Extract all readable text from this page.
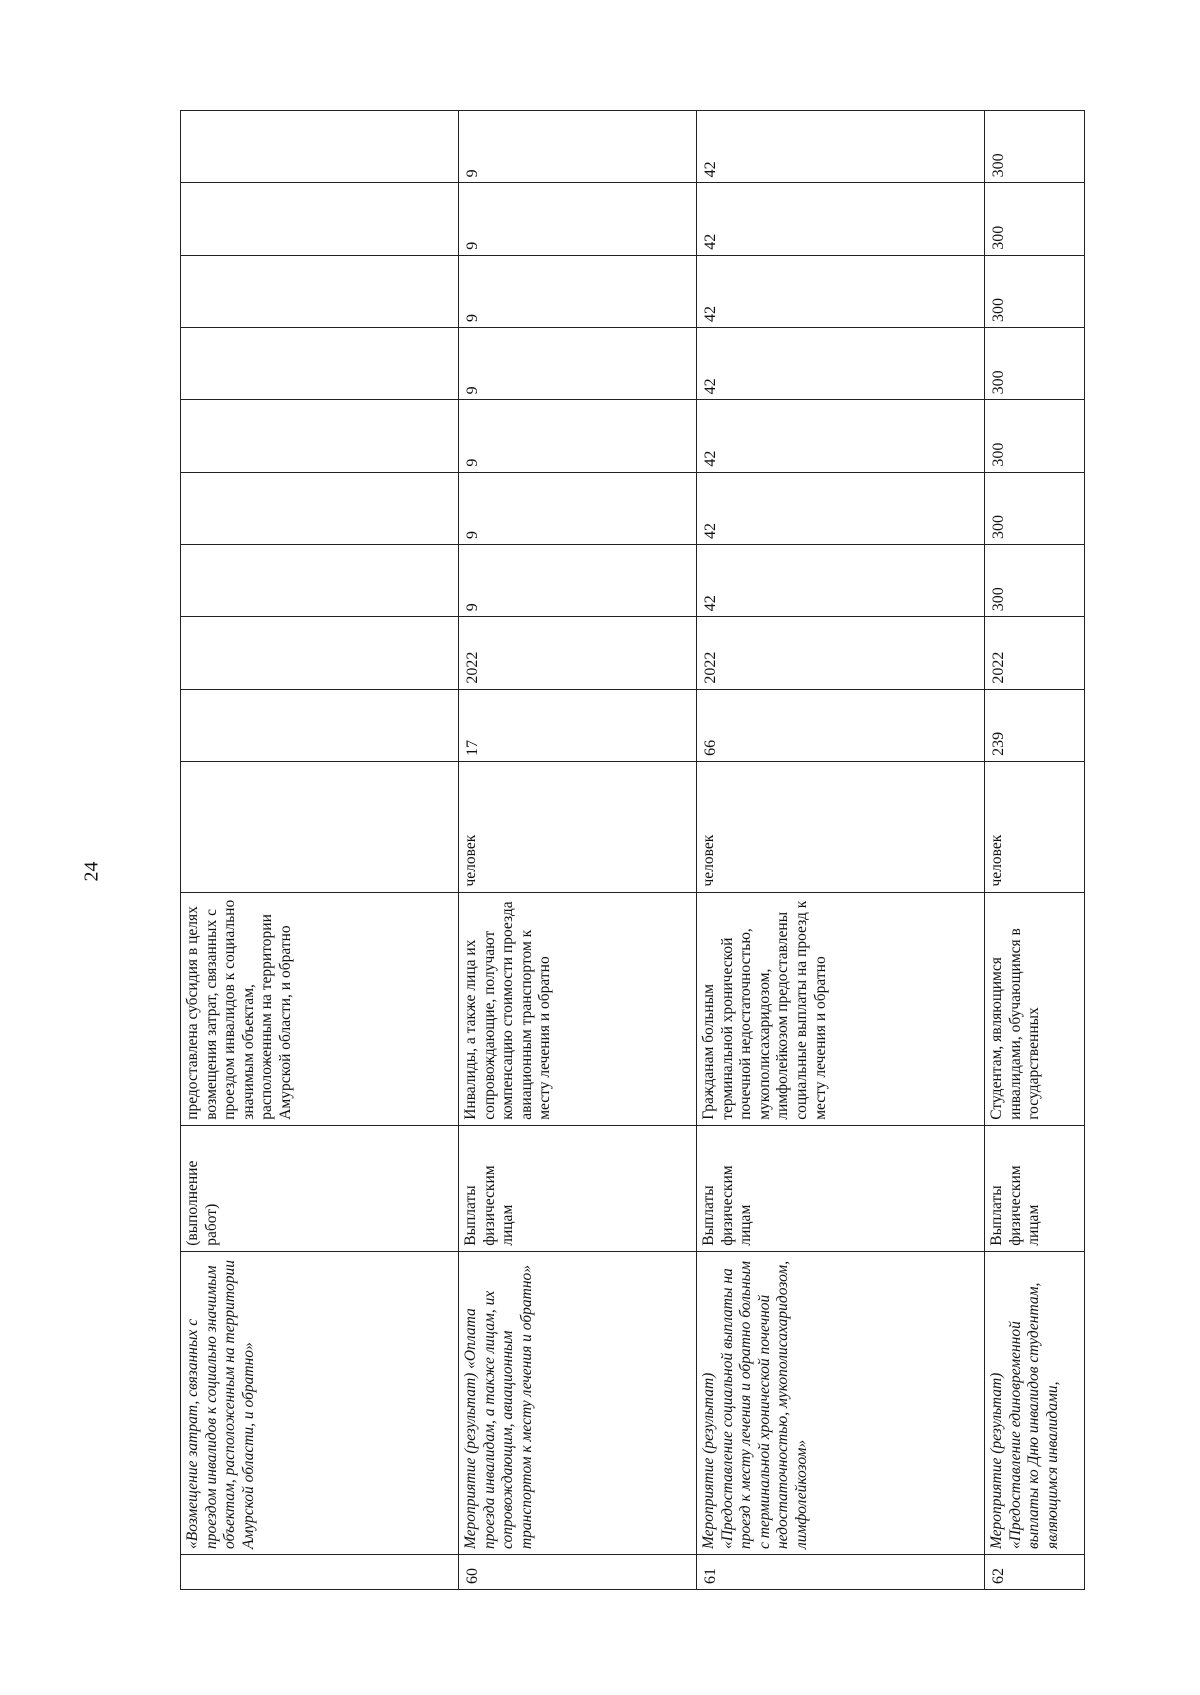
24
	«Возмещение затрат, связанных с проездом инвалидов к социально значимым объектам, расположенным на территории Амурской области, и обратно»	(выполнение работ)	предоставлена субсидия в целях возмещения затрат, связанных с проездом инвалидов к социально значимым объектам, расположенным на территории Амурской области, и обратно										
60	Мероприятие (результат) «Оплата проезда инвалидам, а также лицам, их сопровождающим, авиационным транспортом к месту лечения и обратно»	Выплаты физическим лицам	Инвалиды, а также лица их сопровождающие, получают компенсацию стоимости проезда авиационным транспортом к месту лечения и обратно	человек	17	2022	9	9	9	9	9	9	9
61	Мероприятие (результат) «Предоставление социальной выплаты на проезд к месту лечения и обратно больным с терминальной хронической почечной недостаточностью, мукополисахаридозом, лимфолейкозом»	Выплаты физическим лицам	Гражданам больным терминальной хронической почечной недостаточностью, мукополисахаридозом, лимфолейкозом предоставлены социальные выплаты на проезд к месту лечения и обратно	человек	66	2022	42	42	42	42	42	42	42
62	Мероприятие (результат) «Предоставление единовременной выплаты ко Дню инвалидов студентам, являющимся инвалидами,	Выплаты физическим лицам	Студентам, являющимся инвалидами, обучающимся в государственных	человек	239	2022	300	300	300	300	300	300	300
